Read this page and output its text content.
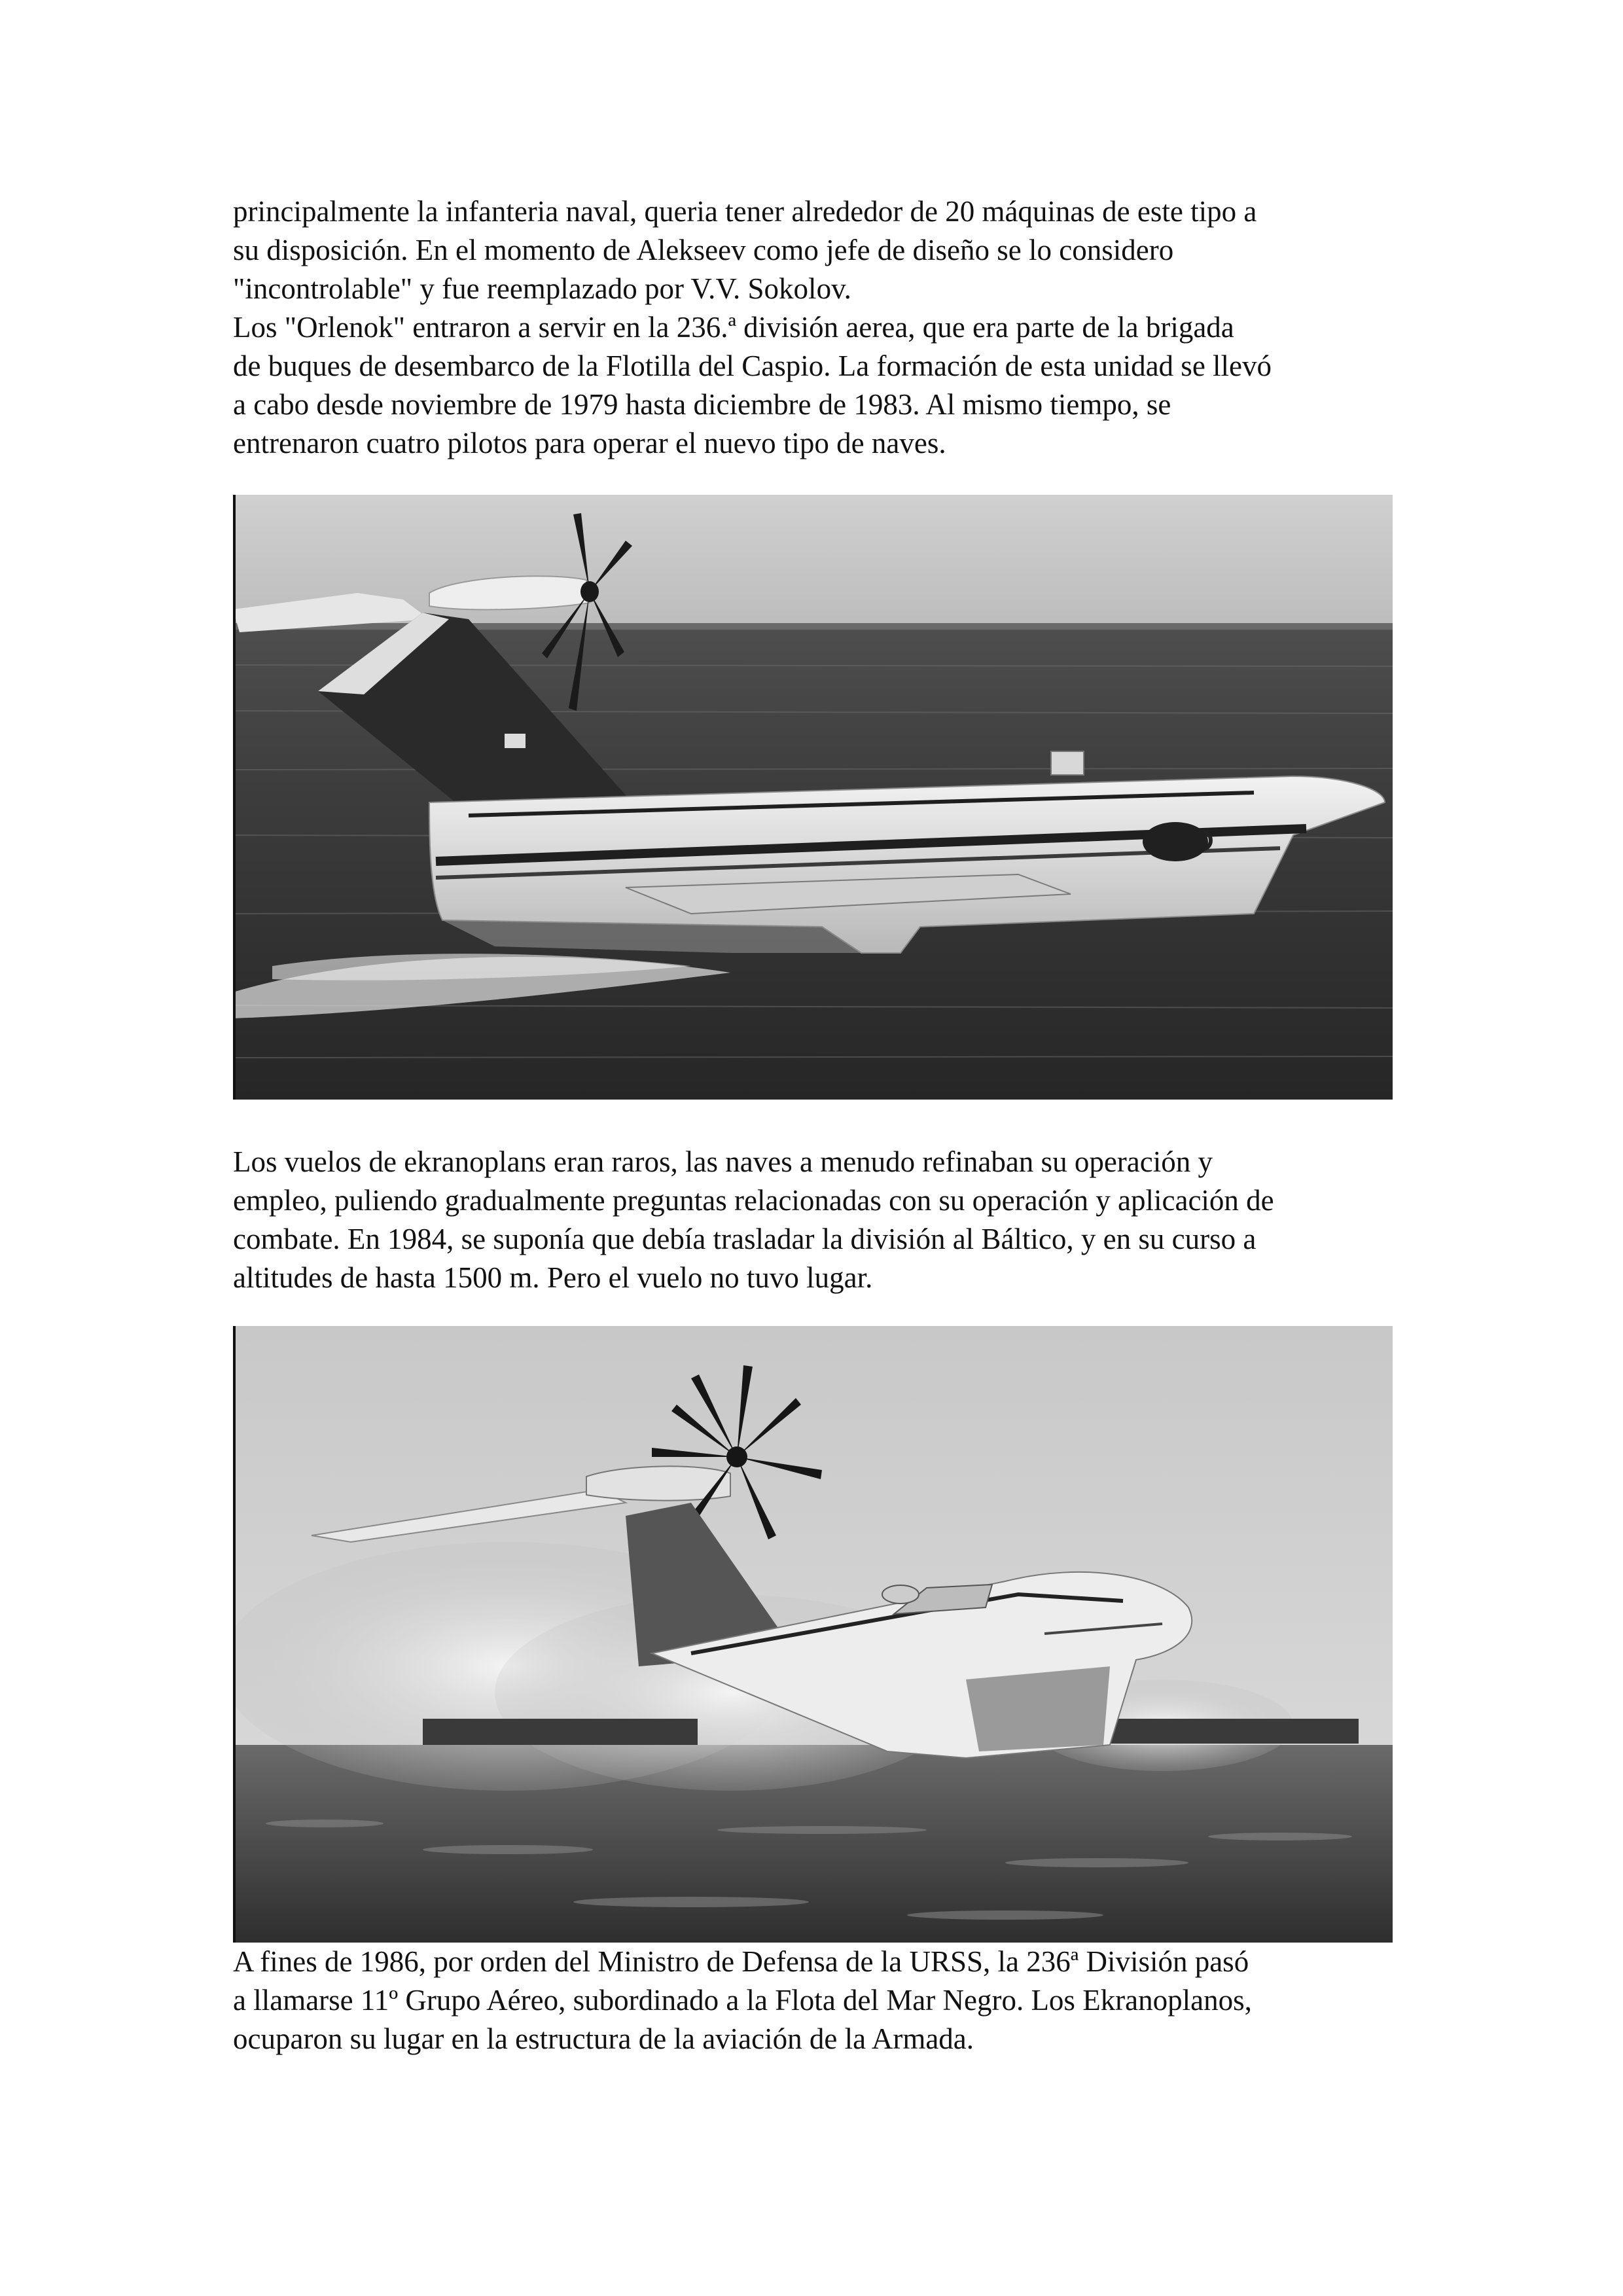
principalmente la infanteria naval, queria tener alrededor de 20 máquinas de este tipo a
su disposición. En el momento de Alekseev como jefe de diseño se lo considero
"incontrolable" y fue reemplazado por V.V. Sokolov.
Los "Orlenok" entraron a servir en la 236.ª división aerea, que era parte de la brigada
de buques de desembarco de la Flotilla del Caspio. La formación de esta unidad se llevó
a cabo desde noviembre de 1979 hasta diciembre de 1983. Al mismo tiempo, se
entrenaron cuatro pilotos para operar el nuevo tipo de naves.
Los vuelos de ekranoplans eran raros, las naves a menudo refinaban su operación y
empleo, puliendo gradualmente preguntas relacionadas con su operación y aplicación de
combate. En 1984, se suponía que debía trasladar la división al Báltico, y en su curso a
altitudes de hasta 1500 m. Pero el vuelo no tuvo lugar.
A fines de 1986, por orden del Ministro de Defensa de la URSS, la 236ª División pasó
a llamarse 11º Grupo Aéreo, subordinado a la Flota del Mar Negro. Los Ekranoplanos,
ocuparon su lugar en la estructura de la aviación de la Armada.
